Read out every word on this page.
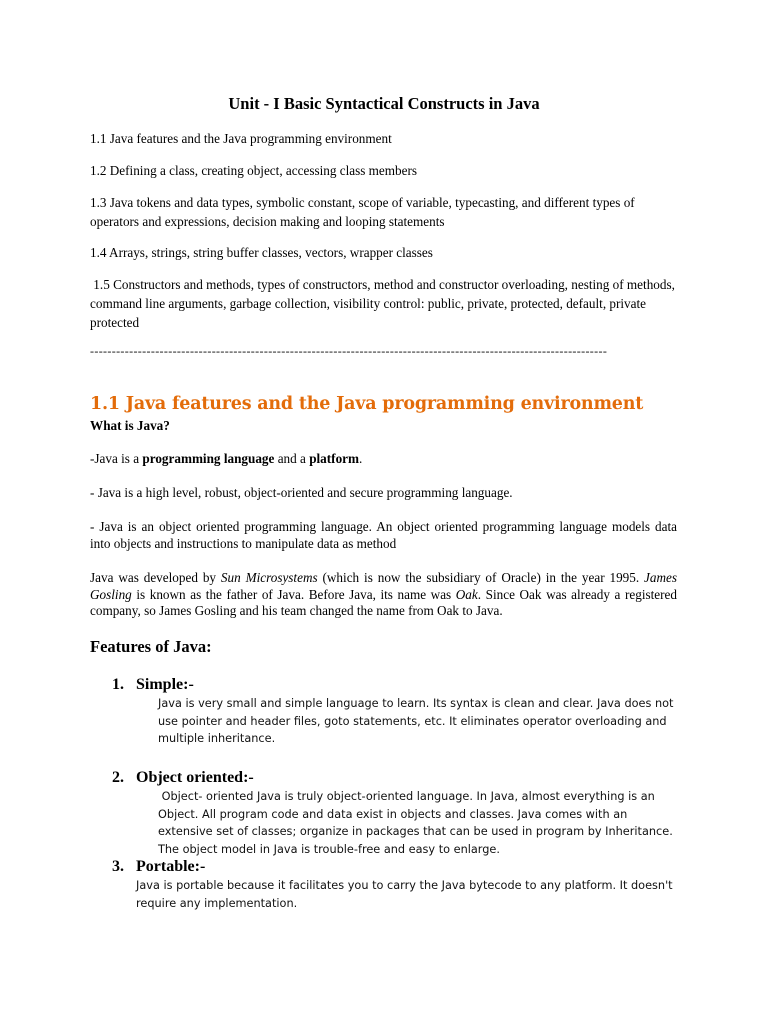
Unit - I Basic Syntactical Constructs in Java

1.1 Java features and the Java programming environment

1.2 Defining a class, creating object, accessing class members

1.3 Java tokens and data types, symbolic constant, scope of variable, typecasting, and different types of operators and expressions, decision making and looping statements

1.4 Arrays, strings, string buffer classes, vectors, wrapper classes

1.5 Constructors and methods, types of constructors, method and constructor overloading, nesting of methods, command line arguments, garbage collection, visibility control: public, private, protected, default, private protected

-----------------------------------------------------------------------------------------------------------------------
1.1 Java features and the Java programming environment
What is Java?

-Java is a programming language and a platform.

- Java is a high level, robust, object-oriented and secure programming language.

- Java is an object oriented programming language. An object oriented programming language models data into objects and instructions to manipulate data as method

Java was developed by Sun Microsystems (which is now the subsidiary of Oracle) in the year 1995. James Gosling is known as the father of Java. Before Java, its name was Oak. Since Oak was already a registered company, so James Gosling and his team changed the name from Oak to Java.

Features of Java:
1. Simple:-

Java is very small and simple language to learn. Its syntax is clean and clear. Java does not use pointer and header files, goto statements, etc. It eliminates operator overloading and multiple inheritance.

2. Object oriented:-

Object- oriented Java is truly object-oriented language. In Java, almost everything is an Object. All program code and data exist in objects and classes. Java comes with an extensive set of classes; organize in packages that can be used in program by Inheritance. The object model in Java is trouble-free and easy to enlarge.

3. Portable:-

Java is portable because it facilitates you to carry the Java bytecode to any platform. It doesn't require any implementation.
